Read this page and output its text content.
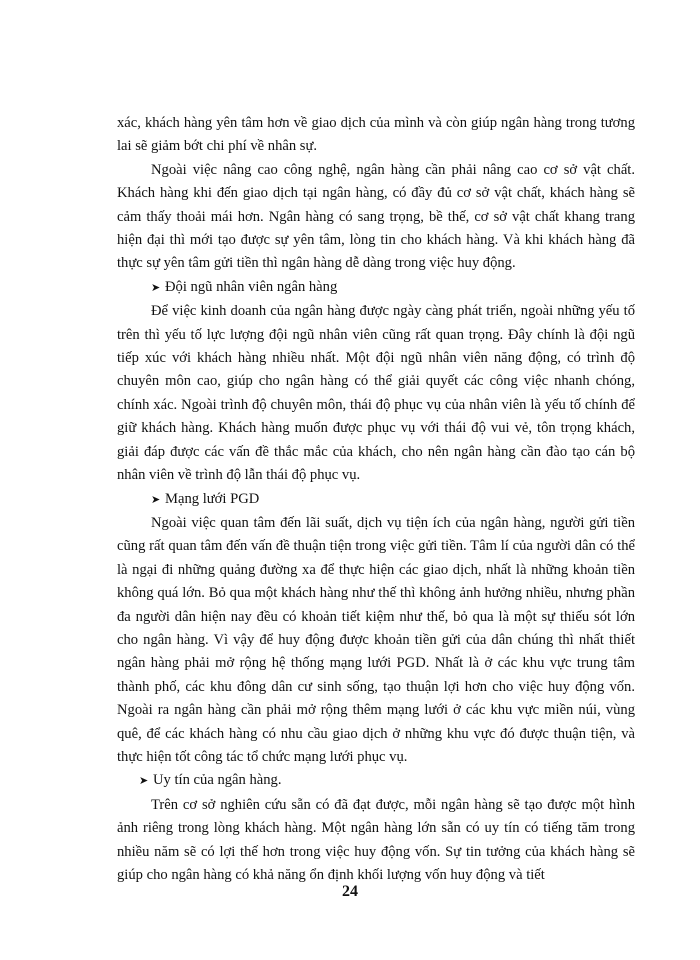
xác, khách hàng yên tâm hơn về giao dịch của mình và còn giúp ngân hàng trong tương lai sẽ giảm bớt chi phí về nhân sự.

Ngoài việc nâng cao công nghệ, ngân hàng cần phải nâng cao cơ sở vật chất. Khách hàng khi đến giao dịch tại ngân hàng, có đầy đủ cơ sở vật chất, khách hàng sẽ cảm thấy thoải mái hơn. Ngân hàng có sang trọng, bề thế, cơ sở vật chất khang trang hiện đại thì mới tạo được sự yên tâm, lòng tin cho khách hàng. Và khi khách hàng đã thực sự yên tâm gửi tiền thì ngân hàng dễ dàng trong việc huy động.

➤ Đội ngũ nhân viên ngân hàng

Để việc kinh doanh của ngân hàng được ngày càng phát triển, ngoài những yếu tố trên thì yếu tố lực lượng đội ngũ nhân viên cũng rất quan trọng. Đây chính là đội ngũ tiếp xúc với khách hàng nhiều nhất. Một đội ngũ nhân viên năng động, có trình độ chuyên môn cao, giúp cho ngân hàng có thể giải quyết các công việc nhanh chóng, chính xác. Ngoài trình độ chuyên môn, thái độ phục vụ của nhân viên là yếu tố chính để giữ khách hàng. Khách hàng muốn được phục vụ với thái độ vui vẻ, tôn trọng khách, giải đáp được các vấn đề thắc mắc của khách, cho nên ngân hàng cần đào tạo cán bộ nhân viên về trình độ lẫn thái độ phục vụ.

➤ Mạng lưới PGD

Ngoài việc quan tâm đến lãi suất, dịch vụ tiện ích của ngân hàng, người gửi tiền cũng rất quan tâm đến vấn đề thuận tiện trong việc gửi tiền. Tâm lí của người dân có thể là ngại đi những quảng đường xa để thực hiện các giao dịch, nhất là những khoản tiền không quá lớn. Bỏ qua một khách hàng như thế thì không ảnh hưởng nhiều, nhưng phần đa người dân hiện nay đều có khoản tiết kiệm như thế, bỏ qua là một sự thiếu sót lớn cho ngân hàng. Vì vậy để huy động được khoản tiền gửi của dân chúng thì nhất thiết ngân hàng phải mở rộng hệ thống mạng lưới PGD. Nhất là ở các khu vực trung tâm thành phố, các khu đông dân cư sinh sống, tạo thuận lợi hơn cho việc huy động vốn. Ngoài ra ngân hàng cần phải mở rộng thêm mạng lưới ở các khu vực miền núi, vùng quê, để các khách hàng có nhu cầu giao dịch ở những khu vực đó được thuận tiện, và thực hiện tốt công tác tổ chức mạng lưới phục vụ.

➤ Uy tín của ngân hàng.

Trên cơ sở nghiên cứu sẵn có đã đạt được, mỗi ngân hàng sẽ tạo được một hình ảnh riêng trong lòng khách hàng. Một ngân hàng lớn sẵn có uy tín có tiếng tăm trong nhiều năm sẽ có lợi thế hơn trong việc huy động vốn. Sự tin tưởng của khách hàng sẽ giúp cho ngân hàng có khả năng ổn định khối lượng vốn huy động và tiết

24
